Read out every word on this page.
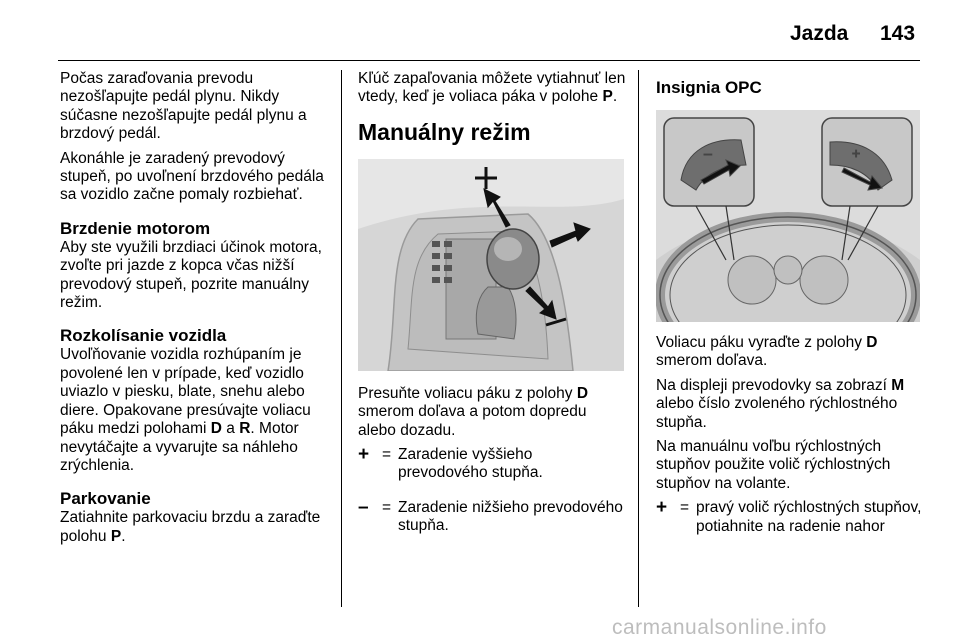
Jazda 143

Počas zaraďovania prevodu nezošľapujte pedál plynu. Nikdy súčasne nezošľapujte pedál plynu a brzdový pedál.

Akonáhle je zaradený prevodový stupeň, po uvoľnení brzdového pedála sa vozidlo začne pomaly rozbiehať.

Brzdenie motorom

Aby ste využili brzdiaci účinok motora, zvoľte pri jazde z kopca včas nižší prevodový stupeň, pozrite manuálny režim.

Rozkolísanie vozidla

Uvoľňovanie vozidla rozhúpaním je povolené len v prípade, keď vozidlo uviazlo v piesku, blate, snehu alebo diere. Opakovane presúvajte voliacu páku medzi polohami D a R. Motor nevytáčajte a vyvarujte sa náhleho zrýchlenia.

Parkovanie

Zatiahnite parkovaciu brzdu a zaraďte polohu P.

Kľúč zapaľovania môžete vytiahnuť len vtedy, keď je voliaca páka v polohe P.

Manuálny režim

Presuňte voliacu páku z polohy D smerom doľava a potom dopredu alebo dozadu.

+ = Zaradenie vyššieho prevodového stupňa.
– = Zaradenie nižšieho prevodového stupňa.
Insignia OPC
–	+

Voliacu páku vyraďte z polohy D smerom doľava.

Na displeji prevodovky sa zobrazí M alebo číslo zvoleného rýchlostného stupňa.

Na manuálnu voľbu rýchlostných stupňov použite volič rýchlostných stupňov na volante.

+ = pravý volič rýchlostných stupňov, potiahnite na radenie nahor
carmanualsonline.info
